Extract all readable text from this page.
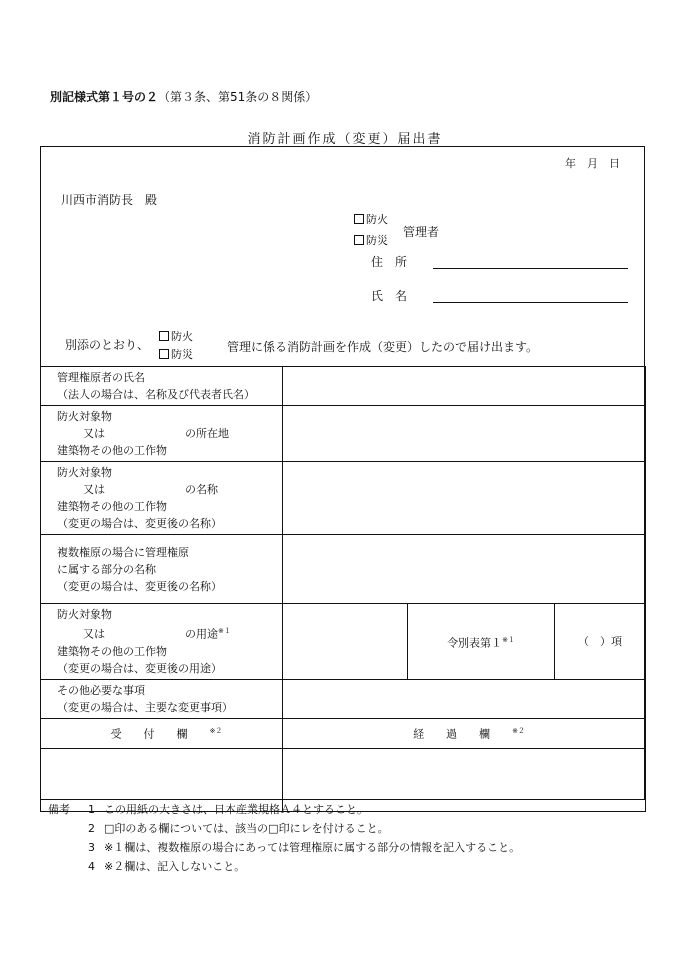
別記様式第１号の２（第３条、第51条の８関係）
消防計画作成（変更）届出書
年　月　日
川西市消防長　殿
防火
防災
管理者
住　所
氏　名
別添のとおり、
防火
防災
管理に係る消防計画を作成（変更）したので届け出ます。
管理権原者の氏名
（法人の場合は、名称及び代表者氏名）			

防火対象物
又は の所在地
建築物その他の工作物			

防火対象物
又は の名称
建築物その他の工作物
（変更の場合は、変更後の名称）			

複数権原の場合に管理権原
に属する部分の名称
（変更の場合は、変更後の名称）			

防火対象物
又は の用途$^{※1}$
建築物その他の工作物
（変更の場合は、変更後の用途）		令別表第１$^{※1}$	（　）項

その他必要な事項
（変更の場合は、主要な変更事項）			

受付欄$^{※2}$	経過欄$^{※2}$

備考	1 この用紙の大きさは、日本産業規格Ａ４とすること。
2 □印のある欄については、該当の□印にレを付けること。
3 ※１欄は、複数権原の場合にあっては管理権原に属する部分の情報を記入すること。
4 ※２欄は、記入しないこと。
